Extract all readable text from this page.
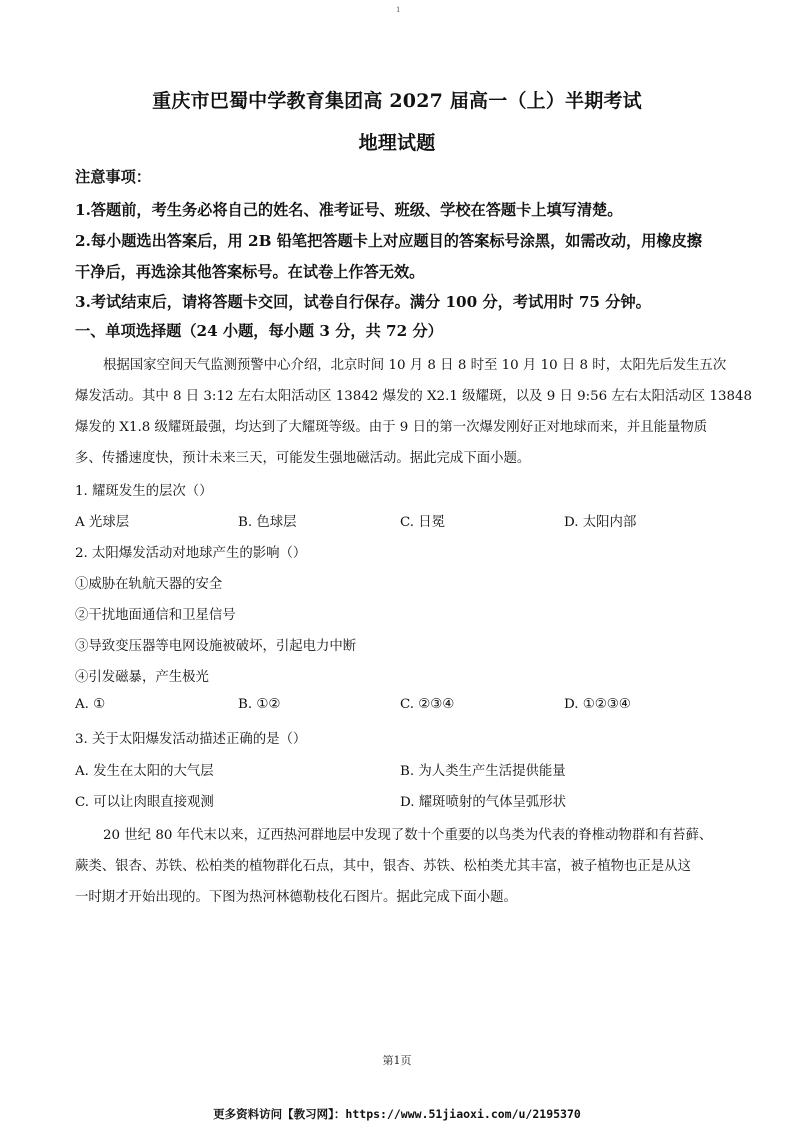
1
重庆市巴蜀中学教育集团高 2027 届高一（上）半期考试
地理试题
注意事项：
1.答题前，考生务必将自己的姓名、准考证号、班级、学校在答题卡上填写清楚。
2.每小题选出答案后，用 2B 铅笔把答题卡上对应题目的答案标号涂黑，如需改动，用橡皮擦
干净后，再选涂其他答案标号。在试卷上作答无效。
3.考试结束后，请将答题卡交回，试卷自行保存。满分 100 分，考试用时 75 分钟。
一、单项选择题（24 小题，每小题 3 分，共 72 分）
根据国家空间天气监测预警中心介绍，北京时间 10 月 8 日 8 时至 10 月 10 日 8 时，太阳先后发生五次
爆发活动。其中 8 日 3:12 左右太阳活动区 13842 爆发的 X2.1 级耀斑，以及 9 日 9:56 左右太阳活动区 13848
爆发的 X1.8 级耀斑最强，均达到了大耀斑等级。由于 9 日的第一次爆发刚好正对地球而来，并且能量物质
多、传播速度快，预计未来三天，可能发生强地磁活动。据此完成下面小题。
1. 耀斑发生的层次（）
A 光球层	B. 色球层	C. 日冕	D. 太阳内部
2. 太阳爆发活动对地球产生的影响（）
①威胁在轨航天器的安全
②干扰地面通信和卫星信号
③导致变压器等电网设施被破坏，引起电力中断
④引发磁暴，产生极光
A. ①	B. ①②	C. ②③④	D. ①②③④
3. 关于太阳爆发活动描述正确的是（）
A. 发生在太阳的大气层	B. 为人类生产生活提供能量
C. 可以让肉眼直接观测	D. 耀斑喷射的气体呈弧形状
20 世纪 80 年代末以来，辽西热河群地层中发现了数十个重要的以鸟类为代表的脊椎动物群和有苔藓、
蕨类、银杏、苏铁、松柏类的植物群化石点，其中，银杏、苏铁、松柏类尤其丰富，被子植物也正是从这
一时期才开始出现的。下图为热河林德勒枝化石图片。据此完成下面小题。
第1页
更多资料访问【教习网】：https://www.51jiaoxi.com/u/2195370
